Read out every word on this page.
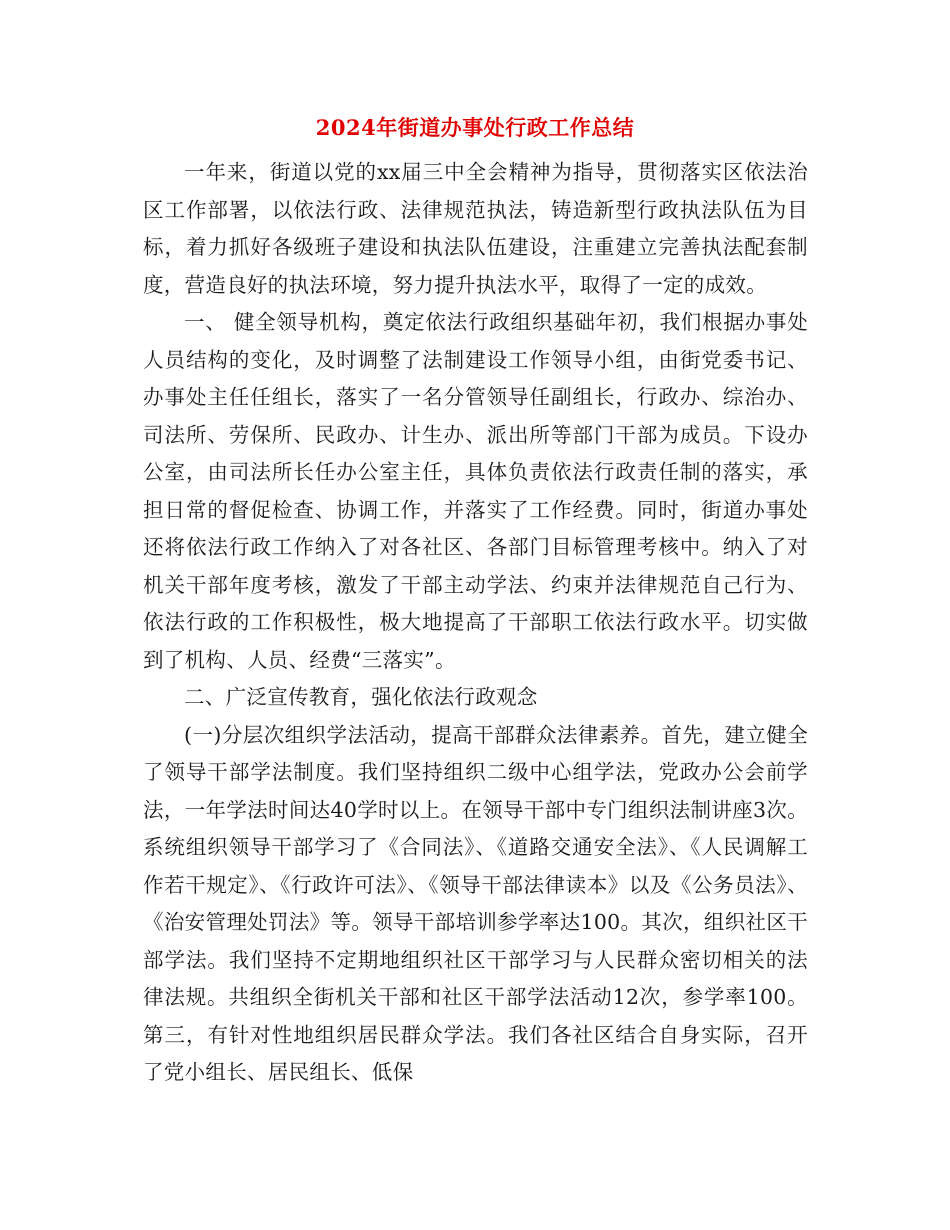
2024年街道办事处行政工作总结

一年来，街道以党的xx届三中全会精神为指导，贯彻落实区依法治区工作部署，以依法行政、法律规范执法，铸造新型行政执法队伍为目标，着力抓好各级班子建设和执法队伍建设，注重建立完善执法配套制度，营造良好的执法环境，努力提升执法水平，取得了一定的成效。

一、 健全领导机构，奠定依法行政组织基础年初，我们根据办事处人员结构的变化，及时调整了法制建设工作领导小组，由街党委书记、办事处主任任组长，落实了一名分管领导任副组长，行政办、综治办、司法所、劳保所、民政办、计生办、派出所等部门干部为成员。下设办公室，由司法所长任办公室主任，具体负责依法行政责任制的落实，承担日常的督促检查、协调工作，并落实了工作经费。同时，街道办事处还将依法行政工作纳入了对各社区、各部门目标管理考核中。纳入了对机关干部年度考核，激发了干部主动学法、约束并法律规范自己行为、依法行政的工作积极性，极大地提高了干部职工依法行政水平。切实做到了机构、人员、经费“三落实”。

二、广泛宣传教育，强化依法行政观念

(一)分层次组织学法活动，提高干部群众法律素养。首先，建立健全了领导干部学法制度。我们坚持组织二级中心组学法，党政办公会前学法，一年学法时间达40学时以上。在领导干部中专门组织法制讲座3次。系统组织领导干部学习了《合同法》、《道路交通安全法》、《人民调解工作若干规定》、《行政许可法》、《领导干部法律读本》以及《公务员法》、《治安管理处罚法》等。领导干部培训参学率达100。其次，组织社区干部学法。我们坚持不定期地组织社区干部学习与人民群众密切相关的法律法规。共组织全街机关干部和社区干部学法活动12次，参学率100。第三，有针对性地组织居民群众学法。我们各社区结合自身实际，召开了党小组长、居民组长、低保
